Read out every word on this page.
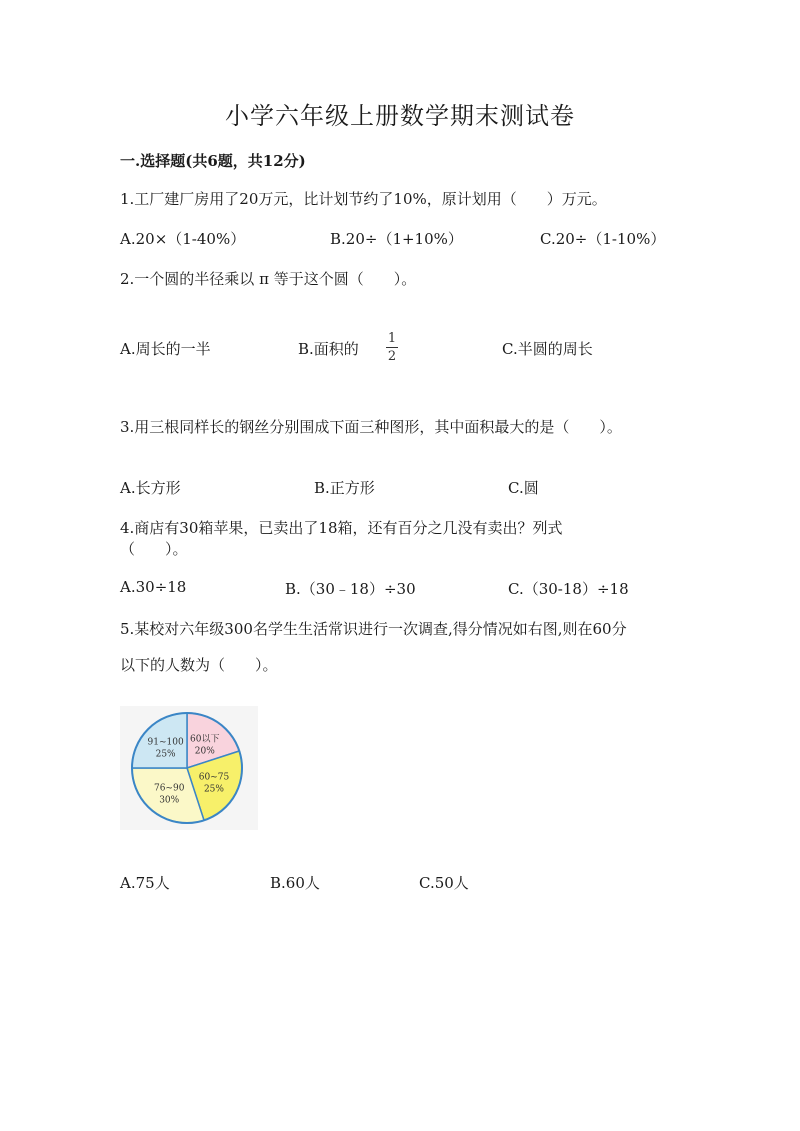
小学六年级上册数学期末测试卷
一.选择题(共6题，共12分)
1.工厂建厂房用了20万元，比计划节约了10%，原计划用（　　）万元。
A.20×（1-40%）	B.20÷（1+10%）	C.20÷（1-10%）
2.一个圆的半径乘以 π 等于这个圆（　　）。
A.周长的一半	B.面积的
1
2	C.半圆的周长
3.用三根同样长的钢丝分别围成下面三种图形，其中面积最大的是（　　）。
A.长方形	B.正方形	C.圆
4.商店有30箱苹果，已卖出了18箱，还有百分之几没有卖出？列式
（　　）。
A.30÷18	B.（30﹣18）÷30	C.（30-18）÷18
5.某校对六年级300名学生生活常识进行一次调查,得分情况如右图,则在60分
以下的人数为（　　）。
60以下
20%
60~75
25%
76~90
30%
91~100
25%
A.75人	B.60人	C.50人
